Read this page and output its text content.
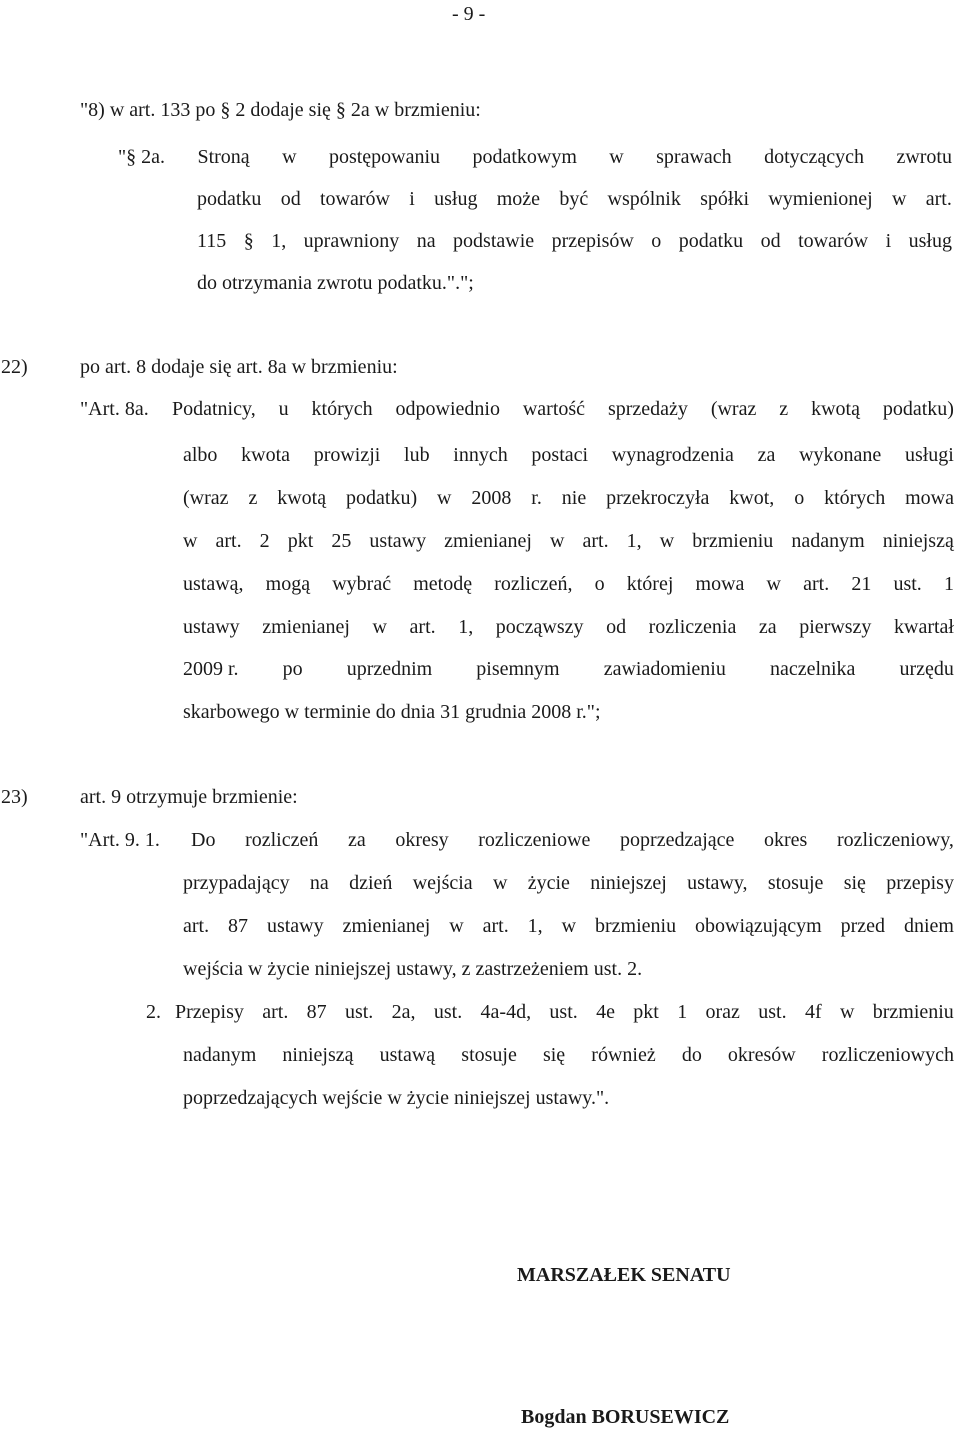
- 9 -
"8) w art. 133 po § 2 dodaje się § 2a w brzmieniu:
"§ 2a. Stroną w postępowaniu podatkowym w sprawach dotyczących zwrotu
podatku od towarów i usług może być wspólnik spółki wymienionej w art.
115 § 1, uprawniony na podstawie przepisów o podatku od towarów i usług
do otrzymania zwrotu podatku.".";
22)	po art. 8 dodaje się art. 8a w brzmieniu:
"Art. 8a. Podatnicy, u których odpowiednio wartość sprzedaży (wraz z kwotą podatku)
albo kwota prowizji lub innych postaci wynagrodzenia za wykonane usługi
(wraz z kwotą podatku) w 2008 r. nie przekroczyła kwot, o których mowa
w art. 2 pkt 25 ustawy zmienianej w art. 1, w brzmieniu nadanym niniejszą
ustawą, mogą wybrać metodę rozliczeń, o której mowa w art. 21 ust. 1
ustawy zmienianej w art. 1, począwszy od rozliczenia za pierwszy kwartał
2009 r. po uprzednim pisemnym zawiadomieniu naczelnika urzędu
skarbowego w terminie do dnia 31 grudnia 2008 r.";
23)	art. 9 otrzymuje brzmienie:
"Art. 9. 1. Do rozliczeń za okresy rozliczeniowe poprzedzające okres rozliczeniowy,
przypadający na dzień wejścia w życie niniejszej ustawy, stosuje się przepisy
art. 87 ustawy zmienianej w art. 1, w brzmieniu obowiązującym przed dniem
wejścia w życie niniejszej ustawy, z zastrzeżeniem ust. 2.
2. Przepisy art. 87 ust. 2a, ust. 4a-4d, ust. 4e pkt 1 oraz ust. 4f w brzmieniu
nadanym niniejszą ustawą stosuje się również do okresów rozliczeniowych
poprzedzających wejście w życie niniejszej ustawy.".
MARSZAŁEK SENATU
Bogdan BORUSEWICZ
